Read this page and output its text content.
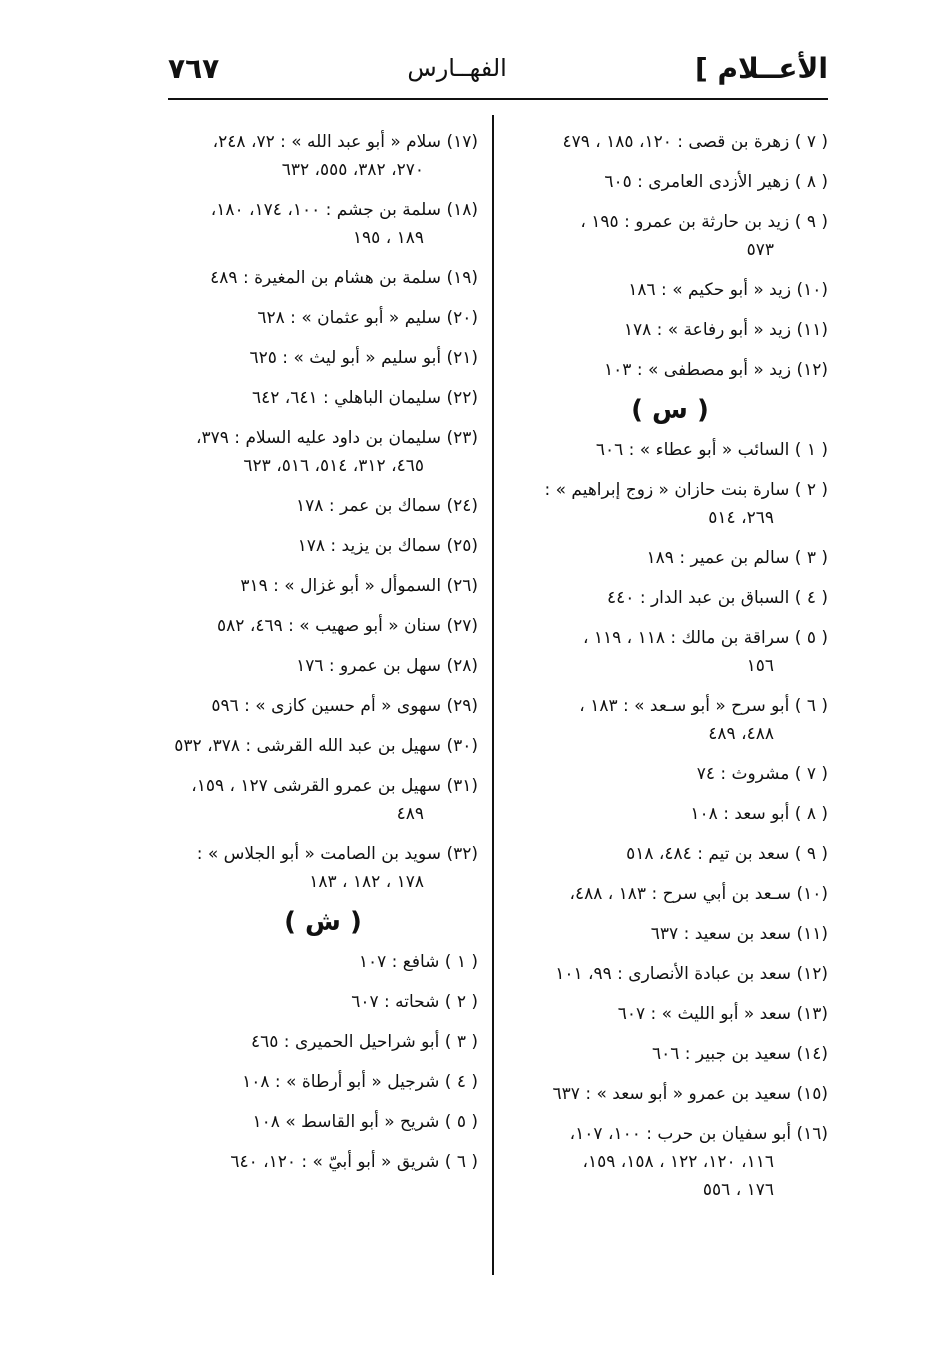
الأعــلام ]
الفهــارس
٧٦٧
( ٧ ) زهرة بن قصى : ١٢٠، ١٨٥ ، ٤٧٩
( ٨ ) زهير الأزدى العامرى : ٦٠٥
( ٩ ) زيد بن حارثة بن عمرو : ١٩٥ ،
٥٧٣
(١٠) زيد « أبو حكيم » : ١٨٦
(١١) زيد « أبو رفاعة » : ١٧٨
(١٢) زيد « أبو مصطفى » : ١٠٣
( س )
( ١ ) السائب « أبو عطاء » : ٦٠٦
( ٢ ) سارة بنت حازان « زوج إبراهيم » :
٢٦٩، ٥١٤
( ٣ ) سالم بن عمير : ١٨٩
( ٤ ) السباق بن عبد الدار : ٤٤٠
( ٥ ) سراقة بن مالك : ١١٨ ، ١١٩ ،
١٥٦
( ٦ ) أبو سرح « أبو سـعد » : ١٨٣ ،
٤٨٨، ٤٨٩
( ٧ ) مشروث : ٧٤
( ٨ ) أبو سعد : ١٠٨
( ٩ ) سعد بن تيم : ٤٨٤، ٥١٨
(١٠) سـعد بن أبي سرح : ١٨٣ ، ٤٨٨،
(١١) سعد بن سعيد : ٦٣٧
(١٢) سعد بن عبادة الأنصارى : ٩٩، ١٠١
(١٣) سعد « أبو الليث » : ٦٠٧
(١٤) سعيد بن جبير : ٦٠٦
(١٥) سعيد بن عمرو « أبو سعد » : ٦٣٧
(١٦) أبو سفيان بن حرب : ١٠٠، ١٠٧،
١١٦، ١٢٠، ١٢٢ ، ١٥٨، ١٥٩،
١٧٦ ، ٥٥٦
(١٧) سلام « أبو عبد الله » : ٧٢، ٢٤٨،
٢٧٠، ٣٨٢، ٥٥٥، ٦٣٢
(١٨) سلمة بن جشم : ١٠٠، ١٧٤، ١٨٠،
١٨٩ ، ١٩٥
(١٩) سلمة بن هشام بن المغيرة : ٤٨٩
(٢٠) سليم « أبو عثمان » : ٦٢٨
(٢١) أبو سليم « أبو ليث » : ٦٢٥
(٢٢) سليمان الباهلي : ٦٤١، ٦٤٢
(٢٣) سليمان بن داود عليه السلام : ٣٧٩،
٤٦٥، ٣١٢، ٥١٤، ٥١٦، ٦٢٣
(٢٤) سماك بن عمر : ١٧٨
(٢٥) سماك بن يزيد : ١٧٨
(٢٦) السموأل « أبو غزال » : ٣١٩
(٢٧) سنان « أبو صهيب » : ٤٦٩، ٥٨٢
(٢٨) سهل بن عمرو : ١٧٦
(٢٩) سهوى « أم حسين كازى » : ٥٩٦
(٣٠) سهيل بن عبد الله القرشى : ٣٧٨، ٥٣٢
(٣١) سهيل بن عمرو القرشى ١٢٧ ، ١٥٩،
٤٨٩
(٣٢) سويد بن الصامت « أبو الجلاس » :
١٧٨ ، ١٨٢ ، ١٨٣
( ش )
( ١ ) شافع : ١٠٧
( ٢ ) شحاته : ٦٠٧
( ٣ ) أبو شراحيل الحميرى : ٤٦٥
( ٤ ) شرجيل « أبو أرطاة » : ١٠٨
( ٥ ) شريح « أبو القاسط » ١٠٨
( ٦ ) شريق « أبو أبيّ » : ١٢٠، ٦٤٠
